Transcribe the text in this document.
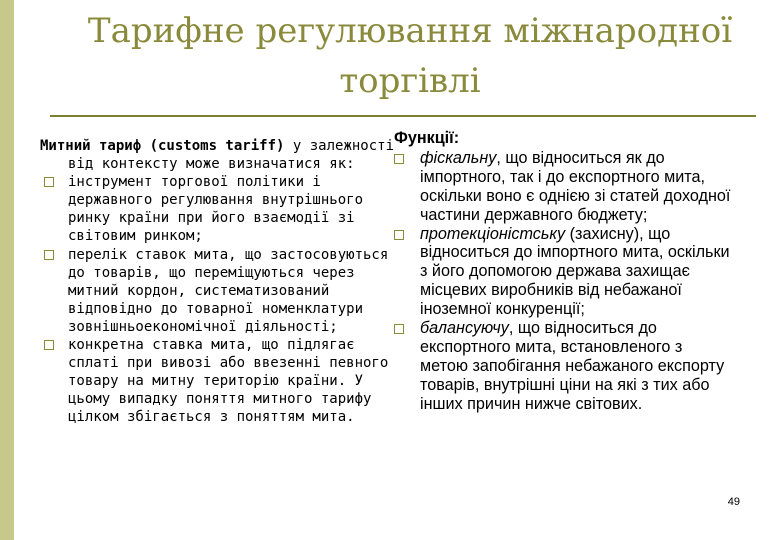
Тарифне регулювання міжнародної торгівлі

Митний тариф (customs tariff) у залежності від контексту може визначатися як:

інструмент торгової політики і державного регулювання внутрішнього ринку країни при його взаємодії зі світовим ринком;
перелік ставок мита, що застосовуються до товарів, що переміщуються через митний кордон, систематизований відповідно до товарної номенклатури зовнішньоекономічної діяльності;
конкретна ставка мита, що підлягає сплаті при вивозі або ввезенні певного товару на митну територію країни. У цьому випадку поняття митного тарифу цілком збігається з поняттям мита.
Функції:
фіскальну, що відноситься як до імпортного, так і до експортного мита, оскільки воно є однією зі статей доходної частини державного бюджету;
протекціоністську (захисну), що відноситься до імпортного мита, оскільки з його допомогою держава захищає місцевих виробників від небажаної іноземної конкуренції;
балансуючу, що відноситься до експортного мита, встановленого з метою запобігання небажаного експорту товарів, внутрішні ціни на які з тих або інших причин нижче світових.
49
